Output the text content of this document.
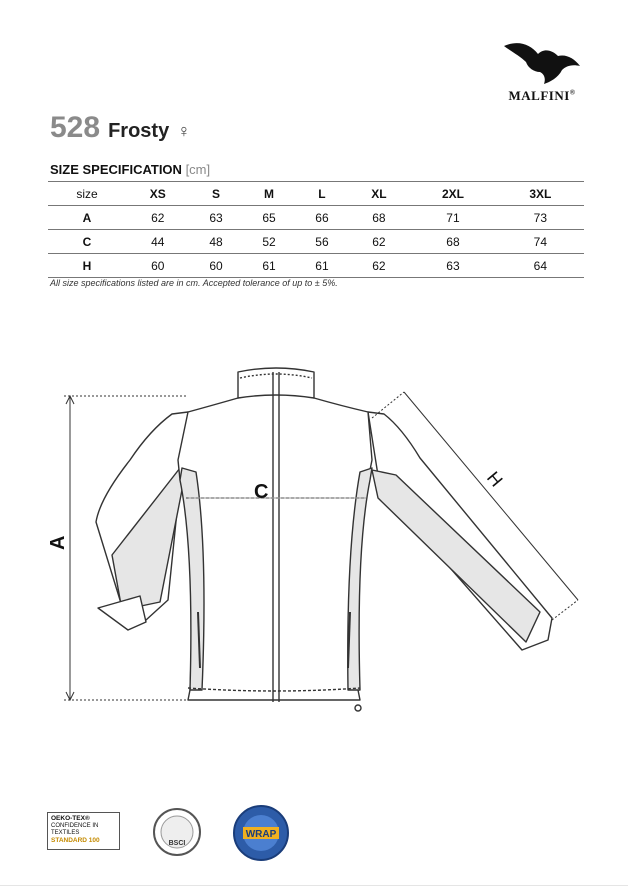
MALFINI®
528 Frosty ♀
SIZE SPECIFICATION [cm]
size	XS	S	M	L	XL	2XL	3XL
A	62	63	65	66	68	71	73
C	44	48	52	56	62	68	74
H	60	60	61	61	62	63	64
All size specifications listed are in cm. Accepted tolerance of up to ± 5%.
A
C
H
OEKO-TEX®
CONFIDENCE IN TEXTILES
STANDARD 100	BSCI
WRAP
